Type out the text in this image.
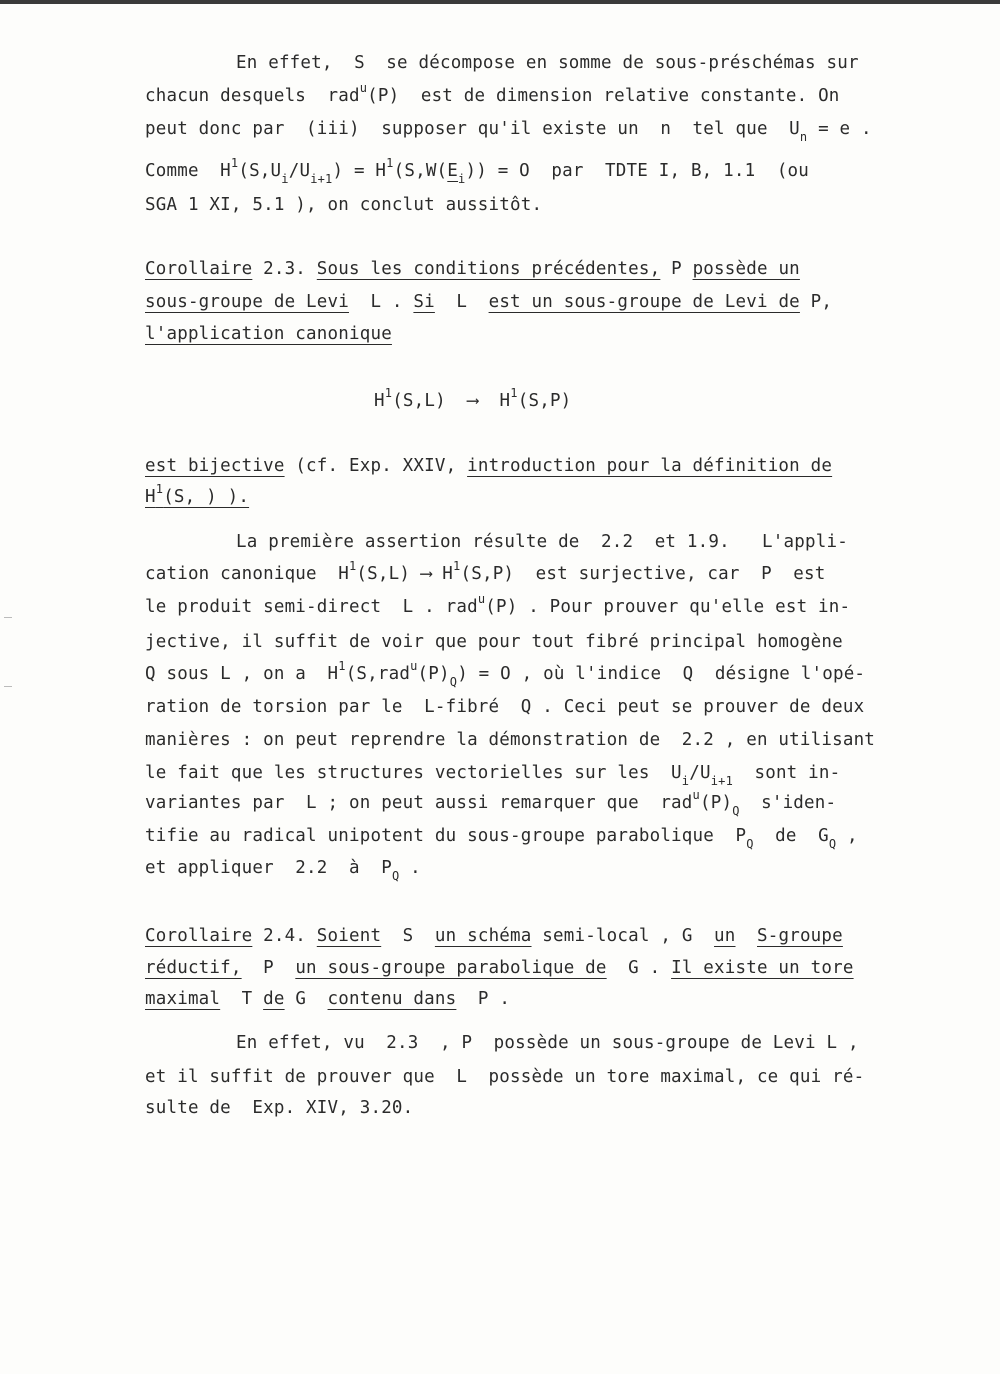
En effet,  S  se décompose en somme de sous-préschémas sur
chacun desquels  rad$^u$(P)  est de dimension relative constante. On
peut donc par  (iii)  supposer qu'il existe un  n  tel que  $U_n = e$ .
Comme  $H^1(S,U_i/U_{i+1}) = H^1(S,W(E_i)) = O$  par  TDTE I, B, 1.1  (ou
SGA 1 XI, 5.1 ), on conclut aussitôt.
Corollaire 2.3. Sous les conditions précédentes, P possède un
sous-groupe de Levi  L . Si  L  est un sous-groupe de Levi de P,
l'application canonique
$H^1(S,L)$  ⟶  $H^1(S,P)$
est bijective (cf. Exp. XXIV, introduction pour la définition de
$H^1(S$, ) ).
La première assertion résulte de  2.2  et 1.9.   L'appli-
cation canonique  $H^1(S,L)$ ⟶ $H^1(S,P)$  est surjective, car  P  est
le produit semi-direct  L . rad$^u$(P) . Pour prouver qu'elle est in-
jective, il suffit de voir que pour tout fibré principal homogène
Q sous L , on a  $H^1(S,rad^u(P)_Q) = O$ , où l'indice  Q  désigne l'opé-
ration de torsion par le  L-fibré  Q . Ceci peut se prouver de deux
manières : on peut reprendre la démonstration de  2.2 , en utilisant
le fait que les structures vectorielles sur les  $U_i/U_{i+1}$  sont in-
variantes par  L ; on peut aussi remarquer que  $rad^u(P)_Q$  s'iden-
tifie au radical unipotent du sous-groupe parabolique  $P_Q$  de  $G_Q$ ,
et appliquer  2.2  à  $P_Q$ .
Corollaire 2.4. Soient  S  un schéma semi-local , G  un S-groupe
réductif,  P  un sous-groupe parabolique de  G . Il existe un tore
maximal  T de G  contenu dans  P .
En effet, vu  2.3  , P  possède un sous-groupe de Levi L ,
et il suffit de prouver que  L  possède un tore maximal, ce qui ré-
sulte de  Exp. XIV, 3.20.
